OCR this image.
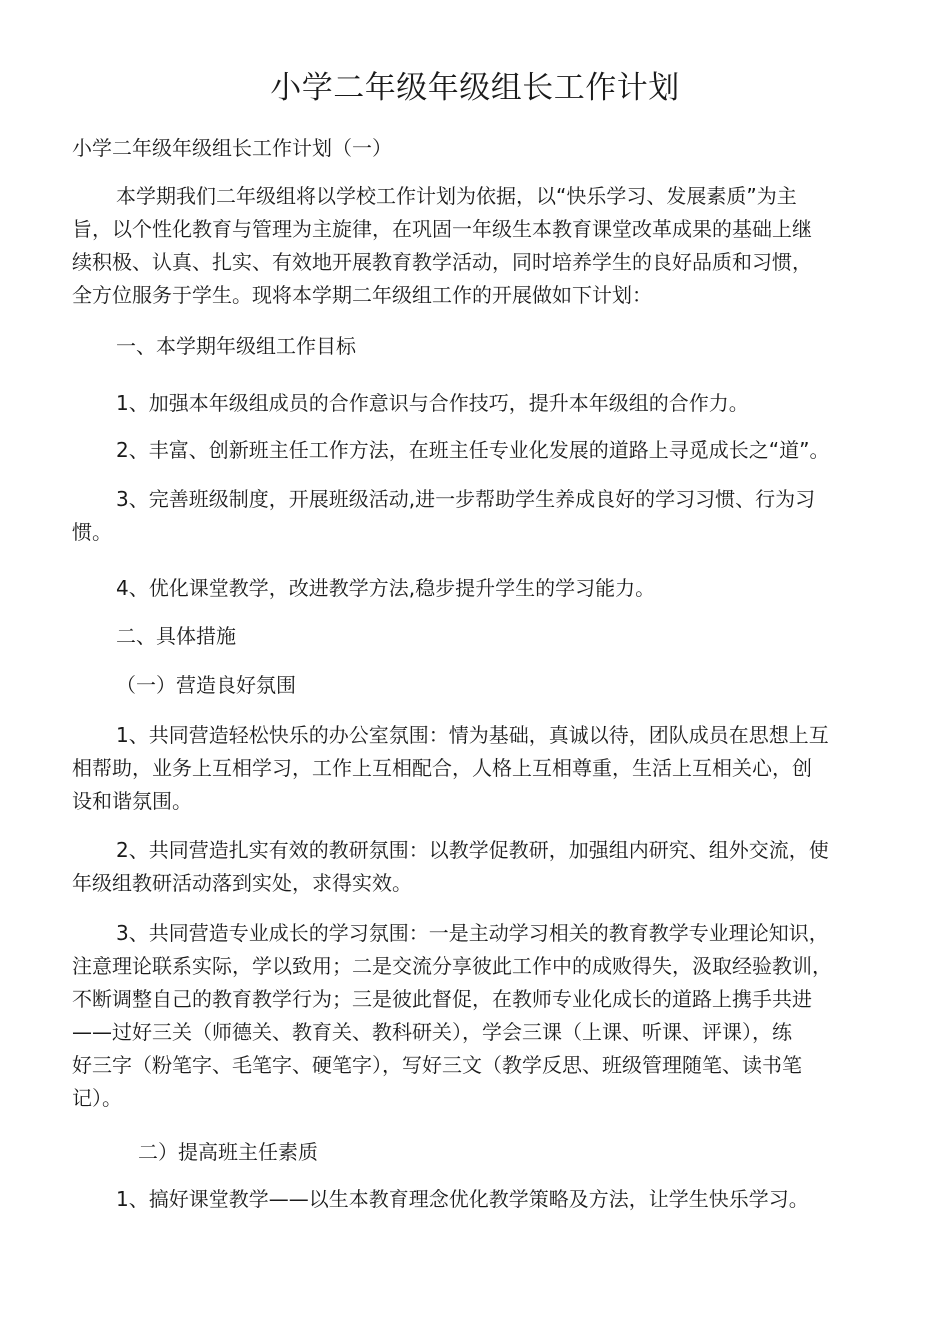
小学二年级年级组长工作计划

小学二年级年级组长工作计划（一）

本学期我们二年级组将以学校工作计划为依据，以“快乐学习、发展素质”为主
旨，以个性化教育与管理为主旋律，在巩固一年级生本教育课堂改革成果的基础上继
续积极、认真、扎实、有效地开展教育教学活动，同时培养学生的良好品质和习惯，
全方位服务于学生。现将本学期二年级组工作的开展做如下计划：

一、本学期年级组工作目标

1、加强本年级组成员的合作意识与合作技巧，提升本年级组的合作力。

2、丰富、创新班主任工作方法，在班主任专业化发展的道路上寻觅成长之“道”。

3、完善班级制度，开展班级活动,进一步帮助学生养成良好的学习习惯、行为习
惯。

4、优化课堂教学，改进教学方法,稳步提升学生的学习能力。

二、具体措施

（一）营造良好氛围

1、共同营造轻松快乐的办公室氛围：情为基础，真诚以待，团队成员在思想上互
相帮助，业务上互相学习，工作上互相配合，人格上互相尊重，生活上互相关心，创
设和谐氛围。

2、共同营造扎实有效的教研氛围：以教学促教研，加强组内研究、组外交流，使
年级组教研活动落到实处，求得实效。

3、共同营造专业成长的学习氛围：一是主动学习相关的教育教学专业理论知识，
注意理论联系实际，学以致用；二是交流分享彼此工作中的成败得失，汲取经验教训，
不断调整自己的教育教学行为；三是彼此督促，在教师专业化成长的道路上携手共进
——过好三关（师德关、教育关、教科研关），学会三课（上课、听课、评课），练
好三字（粉笔字、毛笔字、硬笔字），写好三文（教学反思、班级管理随笔、读书笔
记）。

二）提高班主任素质

1、搞好课堂教学——以生本教育理念优化教学策略及方法，让学生快乐学习。
